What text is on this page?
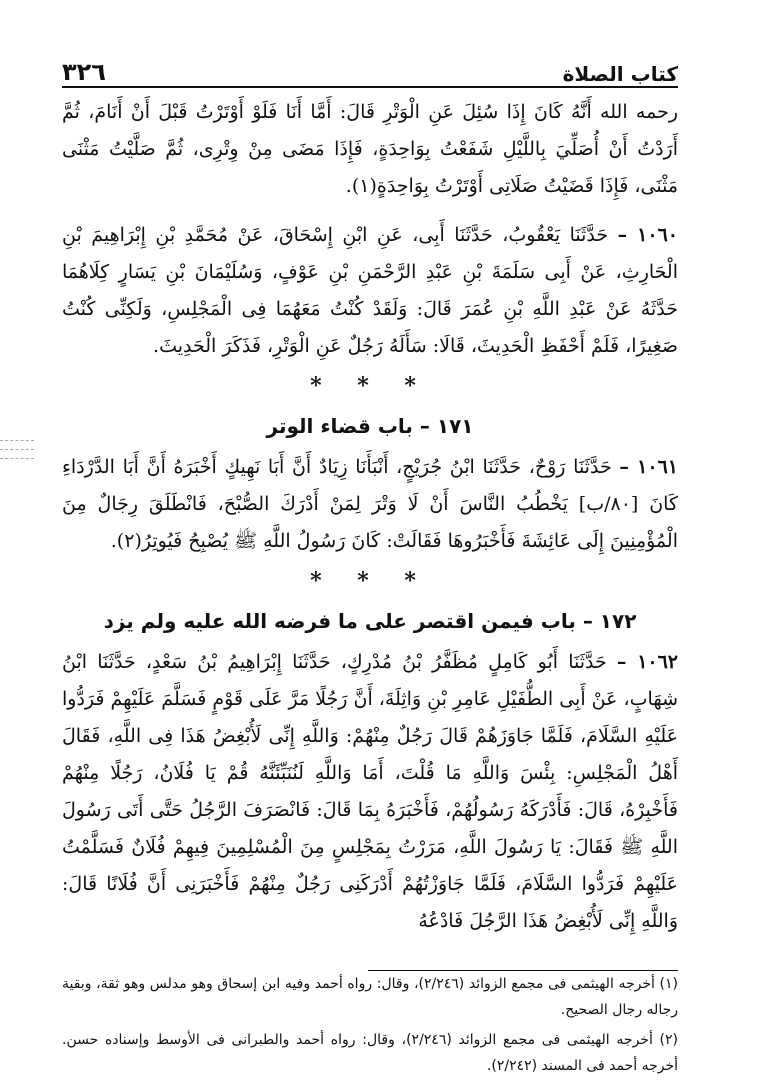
كتاب الصلاة
٣٢٦

رحمه الله أَنَّهُ كَانَ إِذَا سُئِلَ عَنِ الْوَتْرِ قَالَ: أَمَّا أَنَا فَلَوْ أَوْتَرْتُ قَبْلَ أَنْ أَنَامَ، ثُمَّ أَرَدْتُ أَنْ أُصَلِّيَ بِاللَّيْلِ شَفَعْتُ بِوَاحِدَةٍ، فَإِذَا مَضَى مِنْ وِتْرِى، ثُمَّ صَلَّيْتُ مَثْنَى مَثْنَى، فَإِذَا قَضَيْتُ صَلَاتِى أَوْتَرْتُ بِوَاحِدَةٍ(١).

١٠٦٠ – حَدَّثَنَا يَعْقُوبُ، حَدَّثَنَا أَبِى، عَنِ ابْنِ إِسْحَاقَ، عَنْ مُحَمَّدِ بْنِ إِبْرَاهِيمَ بْنِ الْحَارِثِ، عَنْ أَبِى سَلَمَةَ بْنِ عَبْدِ الرَّحْمَنِ بْنِ عَوْفٍ، وَسُلَيْمَانَ بْنِ يَسَارٍ كِلَاهُمَا حَدَّثَهُ عَنْ عَبْدِ اللَّهِ بْنِ عُمَرَ قَالَ: وَلَقَدْ كُنْتُ مَعَهُمَا فِى الْمَجْلِسِ، وَلَكِنِّى كُنْتُ صَغِيرًا، فَلَمْ أَحْفَظِ الْحَدِيثَ، قَالَا: سَأَلَهُ رَجُلٌ عَنِ الْوَتْرِ، فَذَكَرَ الْحَدِيثَ.

* * *
١٧١ – باب قضاء الوتر

١٠٦١ – حَدَّثَنَا رَوْحٌ، حَدَّثَنَا ابْنُ جُرَيْجٍ، أَنْبَأَنَا زِيَادٌ أَنَّ أَبَا نَهِيكٍ أَخْبَرَهُ أَنَّ أَبَا الدَّرْدَاءِ كَانَ [٨٠/ب] يَخْطُبُ النَّاسَ أَنْ لَا وَتْرَ لِمَنْ أَدْرَكَ الصُّبْحَ، فَانْطَلَقَ رِجَالٌ مِنَ الْمُؤْمِنِينَ إِلَى عَائِشَةَ فَأَخْبَرُوهَا فَقَالَتْ: كَانَ رَسُولُ اللَّهِ ﷺ يُصْبِحُ فَيُوتِرُ(٢).

* * *
١٧٢ – باب فيمن اقتصر على ما فرضه الله عليه ولم يزد

١٠٦٢ – حَدَّثَنَا أَبُو كَامِلٍ مُظَفَّرُ بْنُ مُدْرِكٍ، حَدَّثَنَا إِبْرَاهِيمُ بْنُ سَعْدٍ، حَدَّثَنَا ابْنُ شِهَابٍ، عَنْ أَبِى الطُّفَيْلِ عَامِرِ بْنِ وَاثِلَةَ، أَنَّ رَجُلًا مَرَّ عَلَى قَوْمٍ فَسَلَّمَ عَلَيْهِمْ فَرَدُّوا عَلَيْهِ السَّلَامَ، فَلَمَّا جَاوَزَهُمْ قَالَ رَجُلٌ مِنْهُمْ: وَاللَّهِ إِنِّى لَأُبْغِضُ هَذَا فِى اللَّهِ، فَقَالَ أَهْلُ الْمَجْلِسِ: بِئْسَ وَاللَّهِ مَا قُلْتَ، أَمَا وَاللَّهِ لَنُنَبِّئَنَّهُ قُمْ يَا فُلَانُ، رَجُلًا مِنْهُمْ فَأَخْبِرْهُ، قَالَ: فَأَدْرَكَهُ رَسُولُهُمْ، فَأَخْبَرَهُ بِمَا قَالَ: فَانْصَرَفَ الرَّجُلُ حَتَّى أَتَى رَسُولَ اللَّهِ ﷺ فَقَالَ: يَا رَسُولَ اللَّهِ، مَرَرْتُ بِمَجْلِسٍ مِنَ الْمُسْلِمِينَ فِيهِمْ فُلَانٌ فَسَلَّمْتُ عَلَيْهِمْ فَرَدُّوا السَّلَامَ، فَلَمَّا جَاوَزْتُهُمْ أَدْرَكَنِى رَجُلٌ مِنْهُمْ فَأَخْبَرَنِى أَنَّ فُلَانًا قَالَ: وَاللَّهِ إِنِّى لَأُبْغِضُ هَذَا الرَّجُلَ فَادْعُهُ

(١) أخرجه الهيثمى فى مجمع الزوائد (٢/٢٤٦)، وقال: رواه أحمد وفيه ابن إسحاق وهو مدلس وهو ثقة، وبقية رجاله رجال الصحيح.

(٢) أخرجه الهيثمى فى مجمع الزوائد (٢/٢٤٦)، وقال: رواه أحمد والطبرانى فى الأوسط وإسناده حسن. أخرجه أحمد فى المسند (٢/٢٤٢).
